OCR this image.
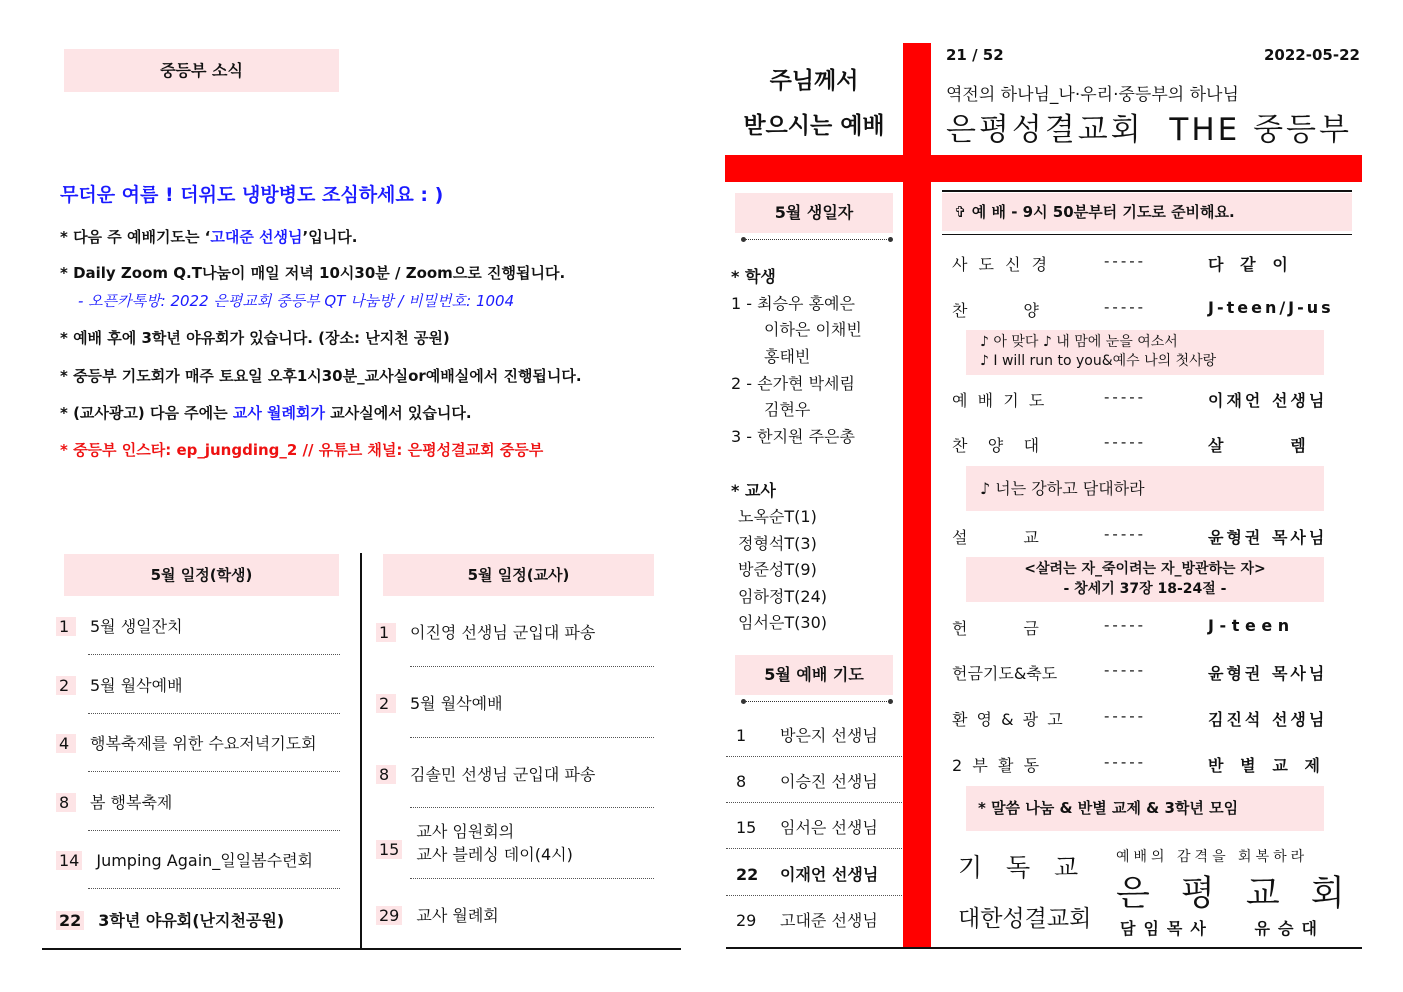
중등부 소식
무더운 여름 ! 더위도 냉방병도 조심하세요 : )
* 다음 주 예배기도는 ‘고대준 선생님’입니다.
* Daily Zoom Q.T나눔이 매일 저녁 10시30분 / Zoom으로 진행됩니다.
- 오픈카톡방: 2022 은평교회 중등부 QT 나눔방 / 비밀번호: 1004
* 예배 후에 3학년 야유회가 있습니다. (장소: 난지천 공원)
* 중등부 기도회가 매주 토요일 오후1시30분_교사실or예배실에서 진행됩니다.
* (교사광고) 다음 주에는 교사 월례회가 교사실에서 있습니다.
* 중등부 인스타: ep_jungding_2 // 유튜브 채널: 은평성결교회 중등부
5월 일정(학생)
1 5월 생일잔치
2 5월 월삭예배
4 행복축제를 위한 수요저녁기도회
8 봄 행복축제
14 Jumping Again_일일봄수련회
22 3학년 야유회(난지천공원)
5월 일정(교사)
1 이진영 선생님 군입대 파송
2 5월 월삭예배
8 김솔민 선생님 군입대 파송
15
교사 임원회의
교사 블레싱 데이(4시)
29 교사 월례회
주님께서
받으시는 예배
21 / 52	2022-05-22
역전의 하나님_나·우리·중등부의 하나님
은평성결교회  THE 중등부
5월 생일자
* 학생
1 - 최승우 홍예은
이하은 이채빈
홍태빈
2 - 손가현 박세림
김현우
3 - 한지원 주은총
* 교사
노옥순T(1)
정형석T(3)
방준성T(9)
임하정T(24)
임서은T(30)
5월 예배 기도
1 방은지 선생님
8 이승진 선생님
15 임서은 선생님
22 이재언 선생님
29 고대준 선생님
✞ 예 배 - 9시 50분부터 기도로 준비해요.
사 도 신 경	-----	다   같   이
찬           양	-----	J-teen/J-us
♪ 아 맞다 ♪ 내 맘에 눈을 여소서
♪ I will run to you&예수 나의 첫사랑
예  배  기  도	-----	이재언 선생님
찬    양    대	-----	살            렘
♪ 너는 강하고 담대하라
설           교	-----	윤형권 목사님
<살려는 자_죽이려는 자_방관하는 자>
- 창세기 37장 18-24절 -
헌           금	-----	J - t e e n
헌금기도&축도	-----	윤형권 목사님
환 영 & 광 고	-----	김진석 선생님
2  부  활  동	-----	반   별   교   제
* 말씀 나눔 & 반별 교제 & 3학년 모임
기   독   교
대한성결교회
예배의 감격을 회복하라
은 평 교 회
담임목사   유승대
